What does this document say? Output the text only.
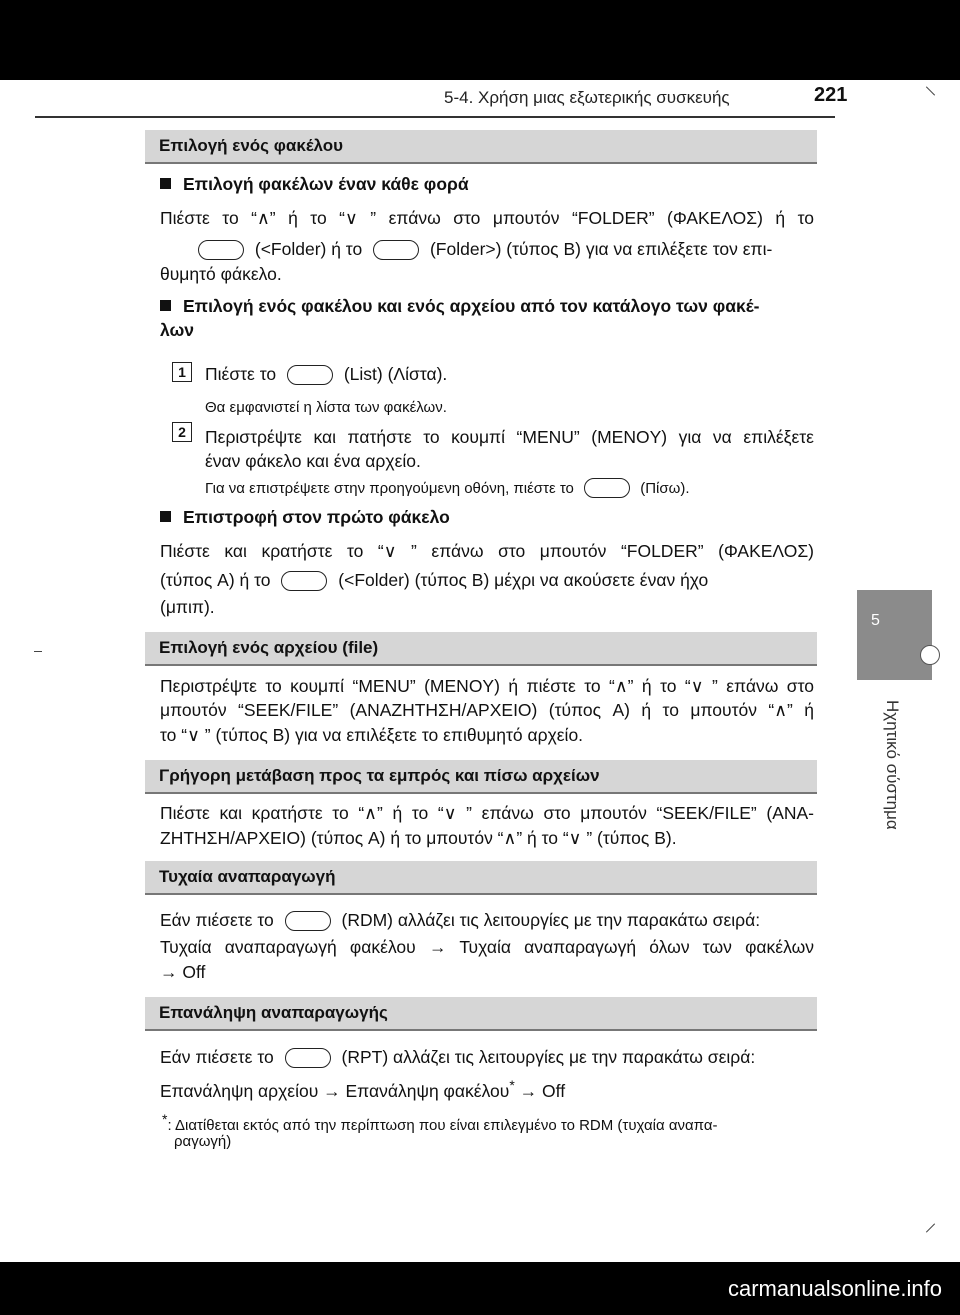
5-4. Χρήση μιας εξωτερικής συσκευής	221
5
Ηχητικό σύστημα
Επιλογή ενός φακέλου
Επιλογή φακέλων έναν κάθε φορά
Πιέστε το “∧” ή το “∨ ” επάνω στο μπουτόν “FOLDER” (ΦΑΚΕΛΟΣ) ή το
(<Folder) ή το	(Folder>) (τύπος B) για να επιλέξετε τον επι-
θυμητό φάκελο.
Επιλογή ενός φακέλου και ενός αρχείου από τον κατάλογο των φακέ-
λων
1	Πιέστε το	(List) (Λίστα).
Θα εμφανιστεί η λίστα των φακέλων.
2	Περιστρέψτε και πατήστε το κουμπί “MENU” (MENOY) για να επιλέξετε
έναν φάκελο και ένα αρχείο.
Για να επιστρέψετε στην προηγούμενη οθόνη, πιέστε το	(Πίσω).
Επιστροφή στον πρώτο φάκελο
Πιέστε και κρατήστε το “∨ ” επάνω στο μπουτόν “FOLDER” (ΦΑΚΕΛΟΣ)
(τύπος A) ή το	(<Folder) (τύπος B) μέχρι να ακούσετε έναν ήχο
(μπιπ).
Επιλογή ενός αρχείου (file)
Περιστρέψτε το κουμπί “MENU” (MENOY) ή πιέστε το “∧” ή το “∨ ” επάνω στο
μπουτόν “SEEK/FILE” (ΑΝΑΖΗΤΗΣΗ/ΑΡΧΕΙΟ) (τύπος A) ή το μπουτόν “∧” ή
το “∨ ” (τύπος B) για να επιλέξετε το επιθυμητό αρχείο.
Γρήγορη μετάβαση προς τα εμπρός και πίσω αρχείων
Πιέστε και κρατήστε το “∧” ή το “∨ ” επάνω στο μπουτόν “SEEK/FILE” (ΑΝΑ-
ΖΗΤΗΣΗ/ΑΡΧΕΙΟ) (τύπος A) ή το μπουτόν “∧” ή το “∨ ” (τύπος B).
Τυχαία αναπαραγωγή
Εάν πιέσετε το	(RDM) αλλάζει τις λειτουργίες με την παρακάτω σειρά:
Τυχαία αναπαραγωγή φακέλου → Τυχαία αναπαραγωγή όλων των φακέλων
→ Off
Επανάληψη αναπαραγωγής
Εάν πιέσετε το	(RPT) αλλάζει τις λειτουργίες με την παρακάτω σειρά:
Επανάληψη αρχείου → Επανάληψη φακέλου* → Off
*: Διατίθεται εκτός από την περίπτωση που είναι επιλεγμένο το RDM (τυχαία αναπα-
ραγωγή)
carmanualsonline.info
